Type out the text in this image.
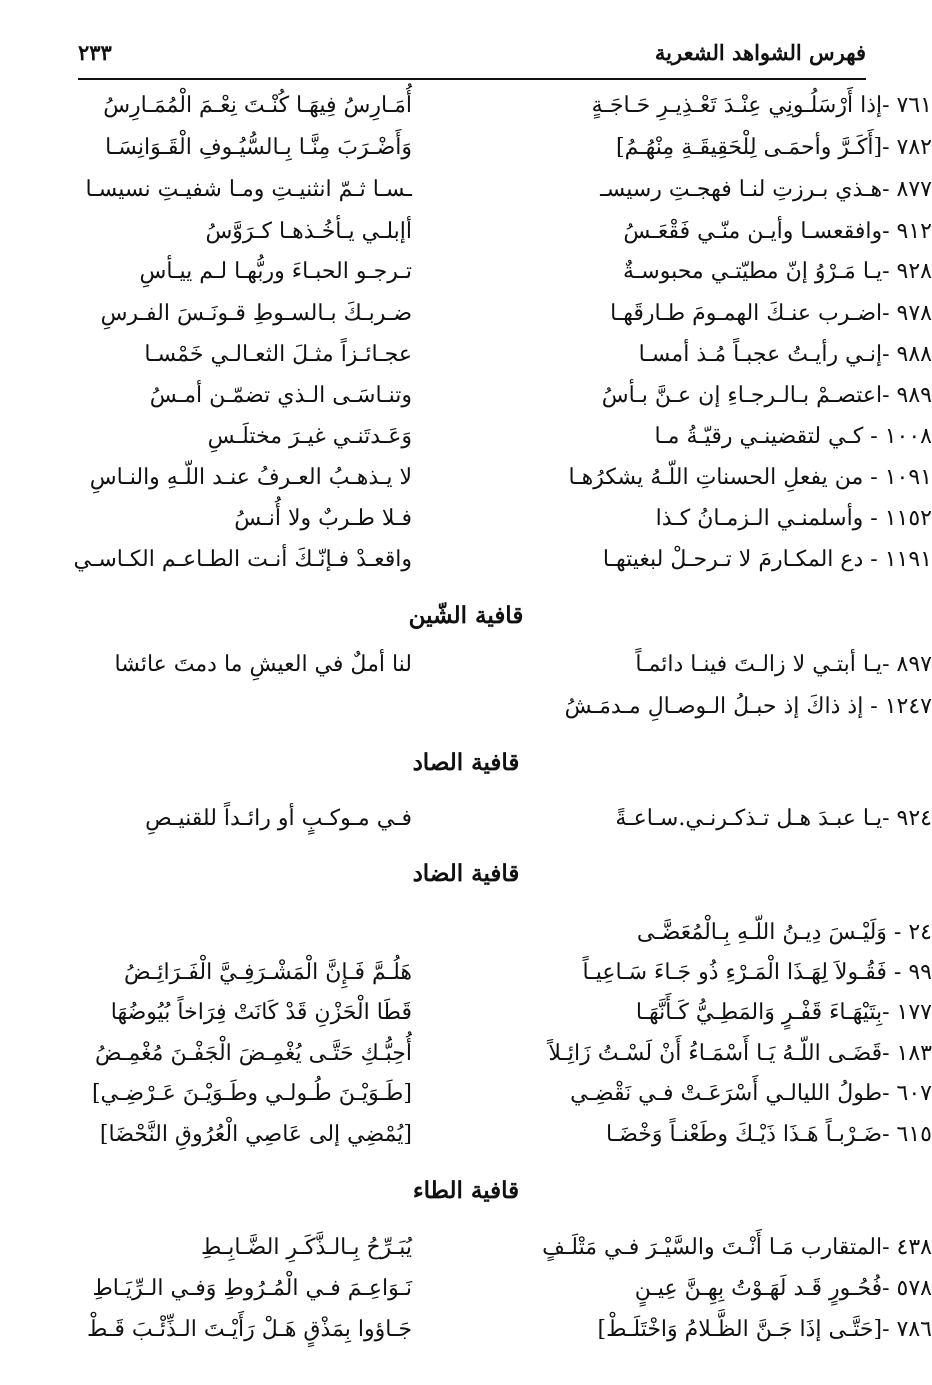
فهرس الشواهد الشعرية
٢٣٣
٧٦١ -إذا أَرْسَلُـونِي عِنْـدَ تَعْـذِيـرِ حَـاجَـةٍ
أُمَـارِسُ فِيهَـا كُنْـتَ نِعْـمَ الْمُمَـارِسُ
٧٨٢ -[أَكَـرَّ وأحمَـى لِلْحَقِيقَـةِ مِنْهُـمُ]
وَأَضْـرَبَ مِنَّـا بِـالسُّيُـوفِ الْقَـوَانِسَـا
٨٧٧ -هـذي بـرزتِ لنـا فهجـتِ رسيسـ
ـسـا ثـمّ انثنيـتِ ومـا شفيـتِ نسيسـا
٩١٢ -وافقعسـا وأيـن منّـي فَقْعَـسُ
أإبلـي يـأخُـذهـا كـرَوَّسُ
٩٢٨ -يـا مَـرْوُ إنّ مطيّتـي محبوسـةٌ
تـرجـو الحبـاءَ وربُّهـا لـم ييـأسِ
٩٧٨ -اضـرب عنـكَ الهمـومَ طـارقَهـا
ضـربـكَ بـالسـوطِ قـونَـسَ الفـرسِ
٩٨٨ -إنـي رأيـتُ عجبـاً مُـذ أمسـا
عجـائـزاً مثـلَ الثعـالـي خَمْسـا
٩٨٩ -اعتصـمْ بـالـرجـاءِ إن عـنَّ بـأسُ
وتنـاسَـى الـذي تضمّـن أمـسُ
١٠٠٨ - كـي لتقضينـي رقيّـةُ مـا
وَعَـدتَنـي غيـرَ مختلَـسِ
١٠٩١ - من يفعلِ الحسناتِ اللّـهُ يشكرُهـا
لا يـذهـبُ العـرفُ عنـد اللّـهِ والنـاسِ
١١٥٢ - وأسلمنـي الـزمـانُ كـذا
فـلا طـربٌ ولا أُنـسُ
١١٩١ - دع المكـارمَ لا تـرحـلْ لبغيتهـا
واقعـدْ فـإنّـكَ أنـت الطـاعـم الكـاسـي
قافية الشّين
٨٩٧ -يـا أبتـي لا زالـتَ فينـا دائمـاً
لنا أملٌ في العيشِ ما دمتَ عائشا
١٢٤٧ - إذ ذاكَ إذ حبـلُ الـوصـالِ مـدمَـشُ
قافية الصاد
٩٢٤ -يـا عبـدَ هـل تـذكـرنـي.سـاعـةً
فـي مـوكـبٍ أو رائـداً للقنيـصِ
قافية الضاد
٢٤ - وَلَيْـسَ دِيـنُ اللّـهِ بِـالْمُعَضَّـى
٩٩ - فَقُـولاَ لِهَـذَا الْمَـرْءِ ذُو جَـاءَ سَـاعِيـاً
هَلُـمَّ فَـإِنَّ الْمَشْـرَفِـيَّ الْفَـرَائِـضُ
١٧٧ -بِتَيْهَـاءَ قَفْـرٍ وَالمَطِـيُّ كَـأَنَّهَـا
قَطَا الْحَزْنِ قَدْ كَانَتْ فِرَاخاً بُيُوضُهَا
١٨٣ -قَضَـى اللّـهُ يَـا أَسْمَـاءُ أَنْ لَسْـتُ زَائِـلاً
أُحِبُّـكِ حَتَّـى يُغْمِـضَ الْجَفْـنَ مُغْمِـضُ
٦٠٧ -طولُ الليالـي أَسْرَعَـتْ فـي نَقْضِـي
[طَـوَيْـنَ طُـولـي وطَـوَيْـنَ عَـرْضِـي]
٦١٥ -ضَـرْبـاً هَـذَا ذَيْـكَ وطَعْنـاً وَخْضَـا
[يُمْضِي إلى عَاصِي الْعُرُوقِ النَّحْضَا]
قافية الطاء
٤٣٨ -المتقارب مَـا أَنْـتَ والسَّيْـرَ فـي مَتْلَـفٍ
يُبَـرِّحُ بِـالـذَّكَـرِ الضَّـابِـطِ
٥٧٨ -فُحُـورٍ قَـد لَهَـوْتُ بِهِـنَّ عِيـنٍ
نَـوَاعِـمَ فـي الْمُـرُوطِ وَفـي الـرِّيَـاطِ
٧٨٦ -[حَتَّـى إذَا جَـنَّ الظَّـلامُ وَاخْتَلَـطْ]
جَـاؤوا بِمَذْقٍ هَـلْ رَأَيْـتَ الـذِّئْـبَ قَـطْ
